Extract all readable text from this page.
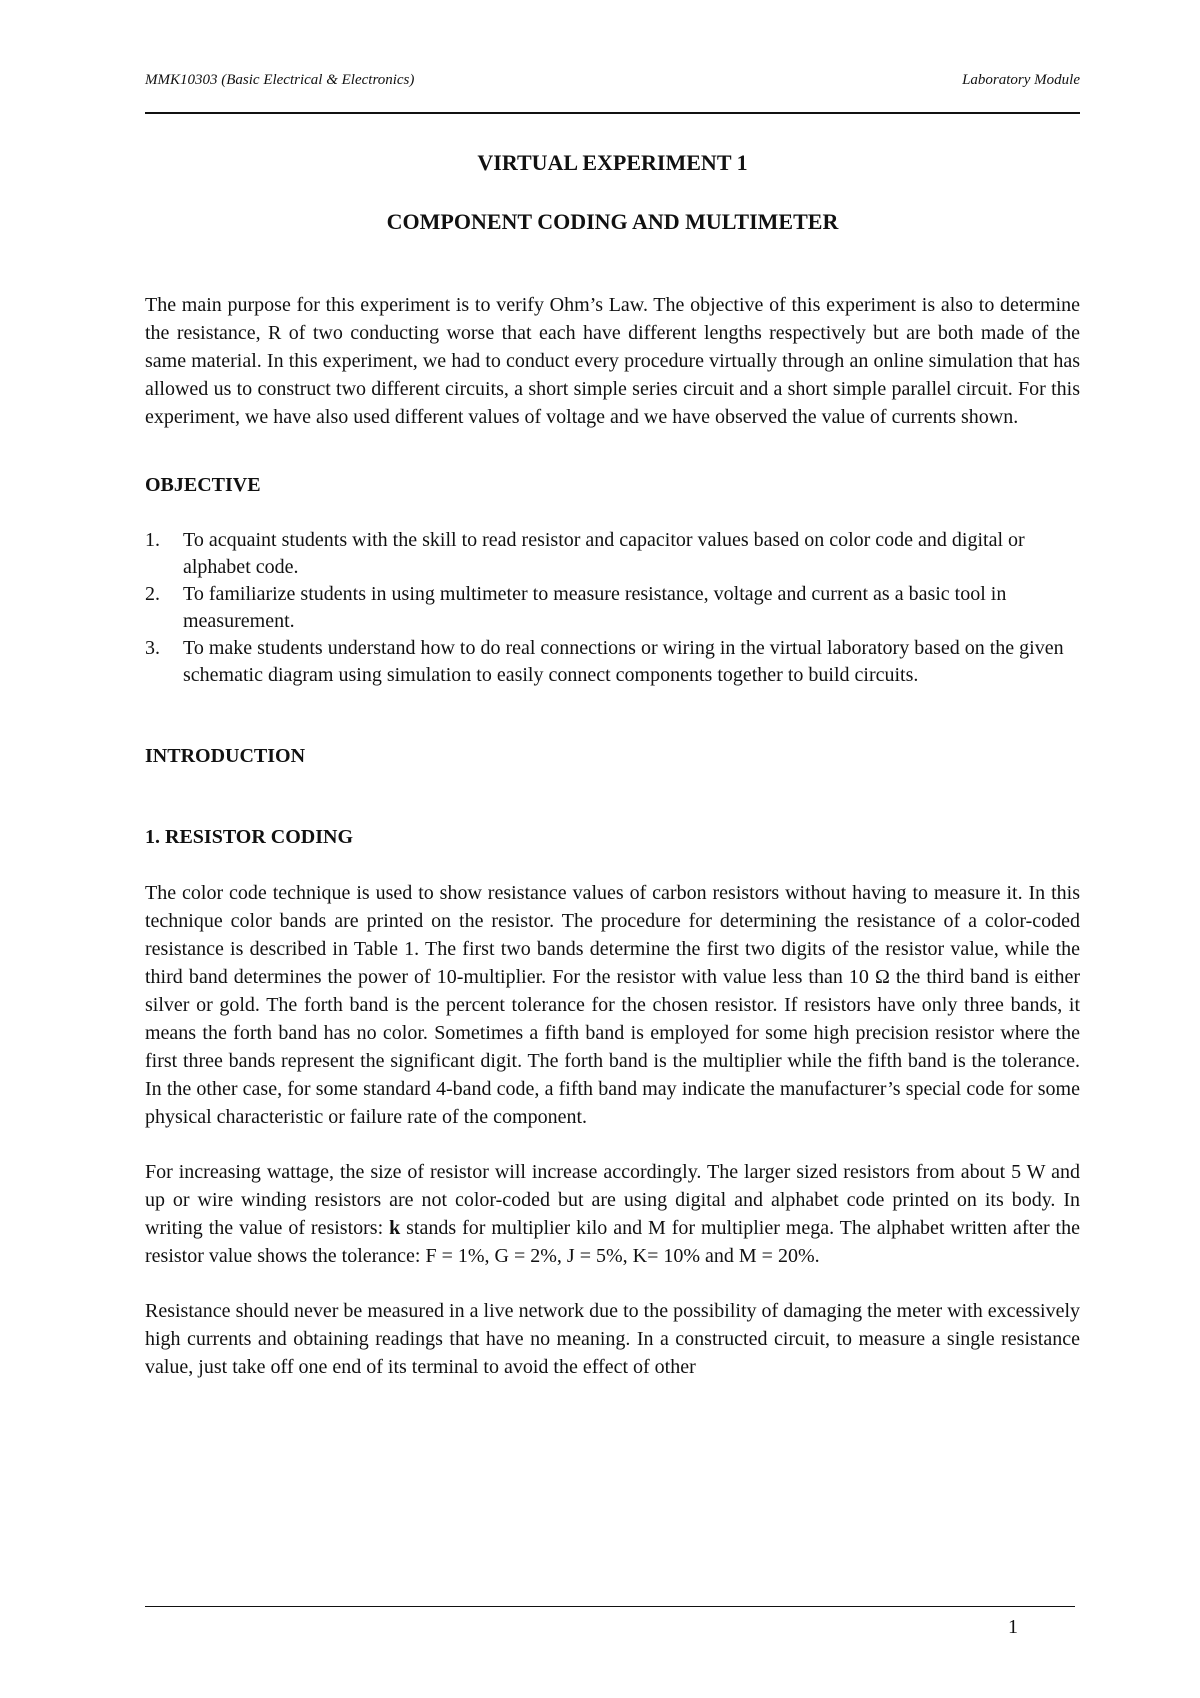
MMK10303 (Basic Electrical & Electronics)	Laboratory Module
VIRTUAL EXPERIMENT 1
COMPONENT CODING AND MULTIMETER

The main purpose for this experiment is to verify Ohm’s Law. The objective of this experiment is also to determine the resistance, R of two conducting worse that each have different lengths respectively but are both made of the same material. In this experiment, we had to conduct every procedure virtually through an online simulation that has allowed us to construct two different circuits, a short simple series circuit and a short simple parallel circuit. For this experiment, we have also used different values of voltage and we have observed the value of currents shown.

OBJECTIVE
1. To acquaint students with the skill to read resistor and capacitor values based on color code and digital or alphabet code.
2. To familiarize students in using multimeter to measure resistance, voltage and current as a basic tool in measurement.
3. To make students understand how to do real connections or wiring in the virtual laboratory based on the given schematic diagram using simulation to easily connect components together to build circuits.
INTRODUCTION
1. RESISTOR CODING

The color code technique is used to show resistance values of carbon resistors without having to measure it. In this technique color bands are printed on the resistor. The procedure for determining the resistance of a color-coded resistance is described in Table 1. The first two bands determine the first two digits of the resistor value, while the third band determines the power of 10-multiplier. For the resistor with value less than 10 Ω the third band is either silver or gold. The forth band is the percent tolerance for the chosen resistor. If resistors have only three bands, it means the forth band has no color. Sometimes a fifth band is employed for some high precision resistor where the first three bands represent the significant digit. The forth band is the multiplier while the fifth band is the tolerance. In the other case, for some standard 4-band code, a fifth band may indicate the manufacturer’s special code for some physical characteristic or failure rate of the component.

For increasing wattage, the size of resistor will increase accordingly. The larger sized resistors from about 5 W and up or wire winding resistors are not color-coded but are using digital and alphabet code printed on its body. In writing the value of resistors: k stands for multiplier kilo and M for multiplier mega. The alphabet written after the resistor value shows the tolerance: F = 1%, G = 2%, J = 5%, K= 10% and M = 20%.

Resistance should never be measured in a live network due to the possibility of damaging the meter with excessively high currents and obtaining readings that have no meaning. In a constructed circuit, to measure a single resistance value, just take off one end of its terminal to avoid the effect of other

1
